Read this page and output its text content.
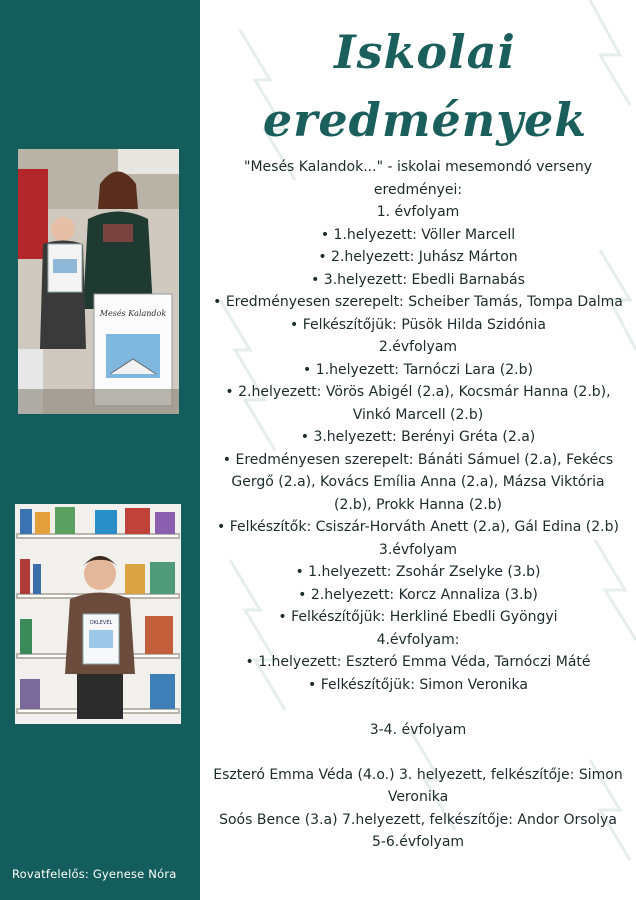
Mesés Kalandok
OKLEVÉL
Rovatfelelős: Gyenese Nóra
Iskolai
eredmények
"Mesés Kalandok..." - iskolai mesemondó verseny
eredményei:
1. évfolyam
• 1.helyezett: Völler Marcell
• 2.helyezett: Juhász Márton
• 3.helyezett: Ebedli Barnabás
• Eredményesen szerepelt: Scheiber Tamás, Tompa Dalma
• Felkészítőjük: Püsök Hilda Szidónia
2.évfolyam
• 1.helyezett: Tarnóczi Lara (2.b)
• 2.helyezett: Vörös Abigél (2.a), Kocsmár Hanna (2.b),
Vinkó Marcell (2.b)
• 3.helyezett: Berényi Gréta (2.a)
• Eredményesen szerepelt: Bánáti Sámuel (2.a), Fekécs
Gergő (2.a), Kovács Emília Anna (2.a), Mázsa Viktória
(2.b), Prokk Hanna (2.b)
• Felkészítők: Csiszár-Horváth Anett (2.a), Gál Edina (2.b)
3.évfolyam
• 1.helyezett: Zsohár Zselyke (3.b)
• 2.helyezett: Korcz Annaliza (3.b)
• Felkészítőjük: Herkliné Ebedli Gyöngyi
4.évfolyam:
• 1.helyezett: Eszteró Emma Véda, Tarnóczi Máté
• Felkészítőjük: Simon Veronika
3-4. évfolyam
Eszteró Emma Véda (4.o.) 3. helyezett, felkészítője: Simon
Veronika
Soós Bence (3.a) 7.helyezett, felkészítője: Andor Orsolya
5-6.évfolyam
